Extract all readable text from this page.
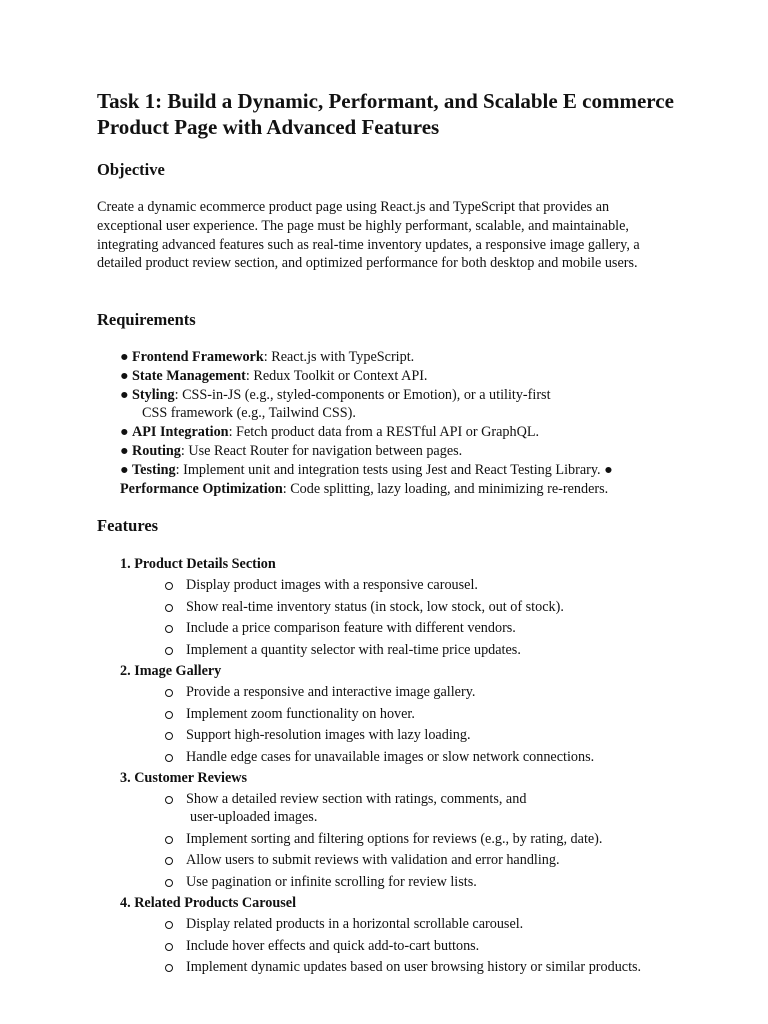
Task 1: Build a Dynamic, Performant, and Scalable E commerce Product Page with Advanced Features
Objective

Create a dynamic ecommerce product page using React.js and TypeScript that provides an exceptional user experience. The page must be highly performant, scalable, and maintainable, integrating advanced features such as real-time inventory updates, a responsive image gallery, a detailed product review section, and optimized performance for both desktop and mobile users.

Requirements
● Frontend Framework: React.js with TypeScript.
● State Management: Redux Toolkit or Context API.
● Styling: CSS-in-JS (e.g., styled-components or Emotion), or a utility-first
CSS framework (e.g., Tailwind CSS).
● API Integration: Fetch product data from a RESTful API or GraphQL.
● Routing: Use React Router for navigation between pages.
● Testing: Implement unit and integration tests using Jest and React Testing Library. ●
Performance Optimization: Code splitting, lazy loading, and minimizing re-renders.
Features
1. Product Details Section
Display product images with a responsive carousel.
Show real-time inventory status (in stock, low stock, out of stock).
Include a price comparison feature with different vendors.
Implement a quantity selector with real-time price updates.
2. Image Gallery
Provide a responsive and interactive image gallery.
Implement zoom functionality on hover.
Support high-resolution images with lazy loading.
Handle edge cases for unavailable images or slow network connections.
3. Customer Reviews
Show a detailed review section with ratings, comments, and
user-uploaded images.
Implement sorting and filtering options for reviews (e.g., by rating, date).
Allow users to submit reviews with validation and error handling.
Use pagination or infinite scrolling for review lists.
4. Related Products Carousel
Display related products in a horizontal scrollable carousel.
Include hover effects and quick add-to-cart buttons.
Implement dynamic updates based on user browsing history or similar products.
